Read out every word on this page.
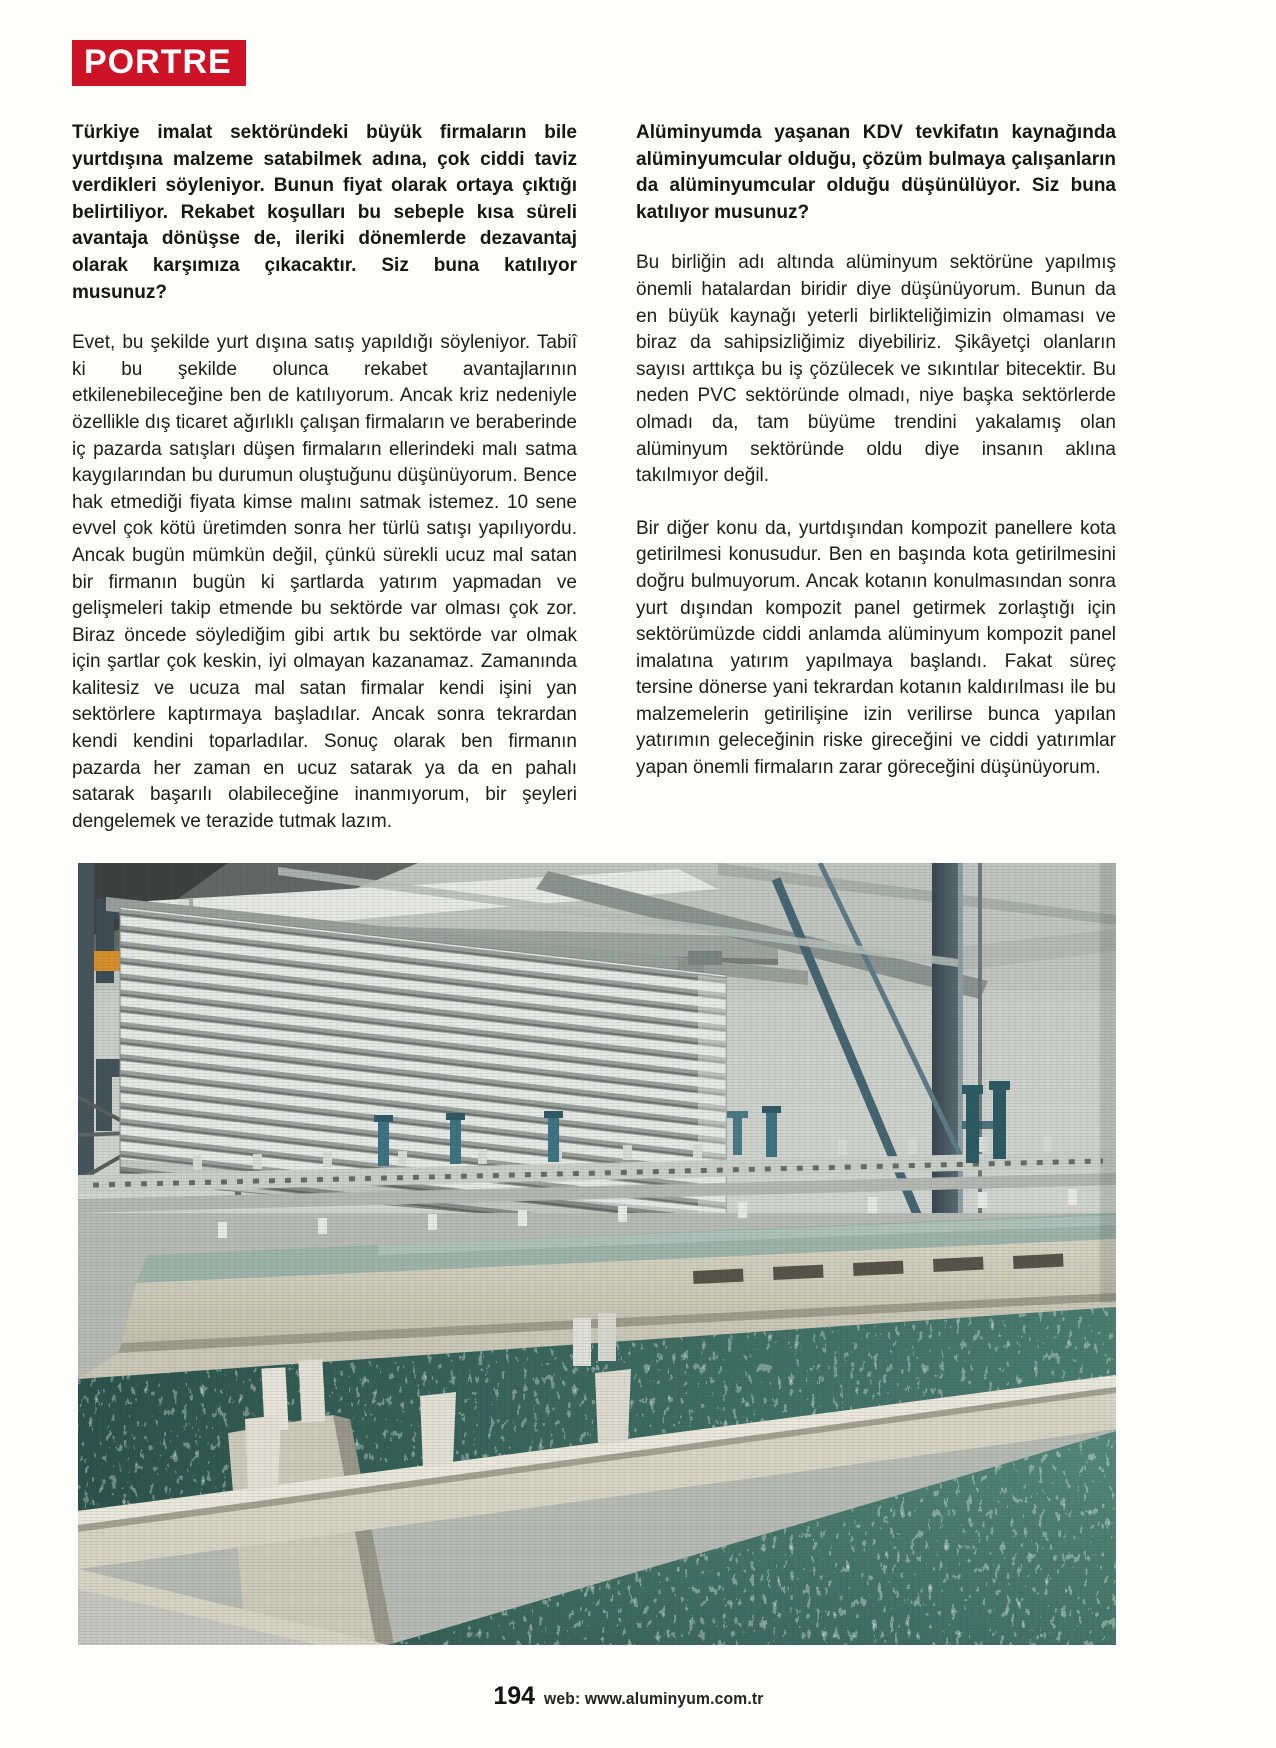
PORTRE

Türkiye imalat sektöründeki büyük firmaların bile yurtdışına malzeme satabilmek adına, çok ciddi taviz verdikleri söyleniyor. Bunun fiyat olarak ortaya çıktığı belirtiliyor. Rekabet koşulları bu sebeple kısa süreli avantaja dönüşse de, ileriki dönemlerde dezavantaj olarak karşımıza çıkacaktır. Siz buna katılıyor musunuz?

Evet, bu şekilde yurt dışına satış yapıldığı söyleniyor. Tabiî ki bu şekilde olunca rekabet avantajlarının etkilenebileceğine ben de katılıyorum. Ancak kriz nedeniyle özellikle dış ticaret ağırlıklı çalışan firmaların ve beraberinde iç pazarda satışları düşen firmaların ellerindeki malı satma kaygılarından bu durumun oluştuğunu düşünüyorum. Bence hak etmediği fiyata kimse malını satmak istemez. 10 sene evvel çok kötü üretimden sonra her türlü satışı yapılıyordu. Ancak bugün mümkün değil, çünkü sürekli ucuz mal satan bir firmanın bugün ki şartlarda yatırım yapmadan ve gelişmeleri takip etmende bu sektörde var olması çok zor. Biraz öncede söylediğim gibi artık bu sektörde var olmak için şartlar çok keskin, iyi olmayan kazanamaz. Zamanında kalitesiz ve ucuza mal satan firmalar kendi işini yan sektörlere kaptırmaya başladılar. Ancak sonra tekrardan kendi kendini toparladılar. Sonuç olarak ben firmanın pazarda her zaman en ucuz satarak ya da en pahalı satarak başarılı olabileceğine inanmıyorum, bir şeyleri dengelemek ve terazide tutmak lazım.

Alüminyumda yaşanan KDV tevkifatın kaynağında alüminyumcular olduğu, çözüm bulmaya çalışanların da alüminyumcular olduğu düşünülüyor. Siz buna katılıyor musunuz?

Bu birliğin adı altında alüminyum sektörüne yapılmış önemli hatalardan biridir diye düşünüyorum. Bunun da en büyük kaynağı yeterli birlikteliğimizin olmaması ve biraz da sahipsizliğimiz diyebiliriz. Şikâyetçi olanların sayısı arttıkça bu iş çözülecek ve sıkıntılar bitecektir. Bu neden PVC sektöründe olmadı, niye başka sektörlerde olmadı da, tam büyüme trendini yakalamış olan alüminyum sektöründe oldu diye insanın aklına takılmıyor değil.

Bir diğer konu da, yurtdışından kompozit panellere kota getirilmesi konusudur. Ben en başında kota getirilmesini doğru bulmuyorum. Ancak kotanın konulmasından sonra yurt dışından kompozit panel getirmek zorlaştığı için sektörümüzde ciddi anlamda alüminyum kompozit panel imalatına yatırım yapılmaya başlandı. Fakat süreç tersine dönerse yani tekrardan kotanın kaldırılması ile bu malzemelerin getirilişine izin verilirse bunca yapılan yatırımın geleceğinin riske gireceğini ve ciddi yatırımlar yapan önemli firmaların zarar göreceğini düşünüyorum.

194 web: www.aluminyum.com.tr
